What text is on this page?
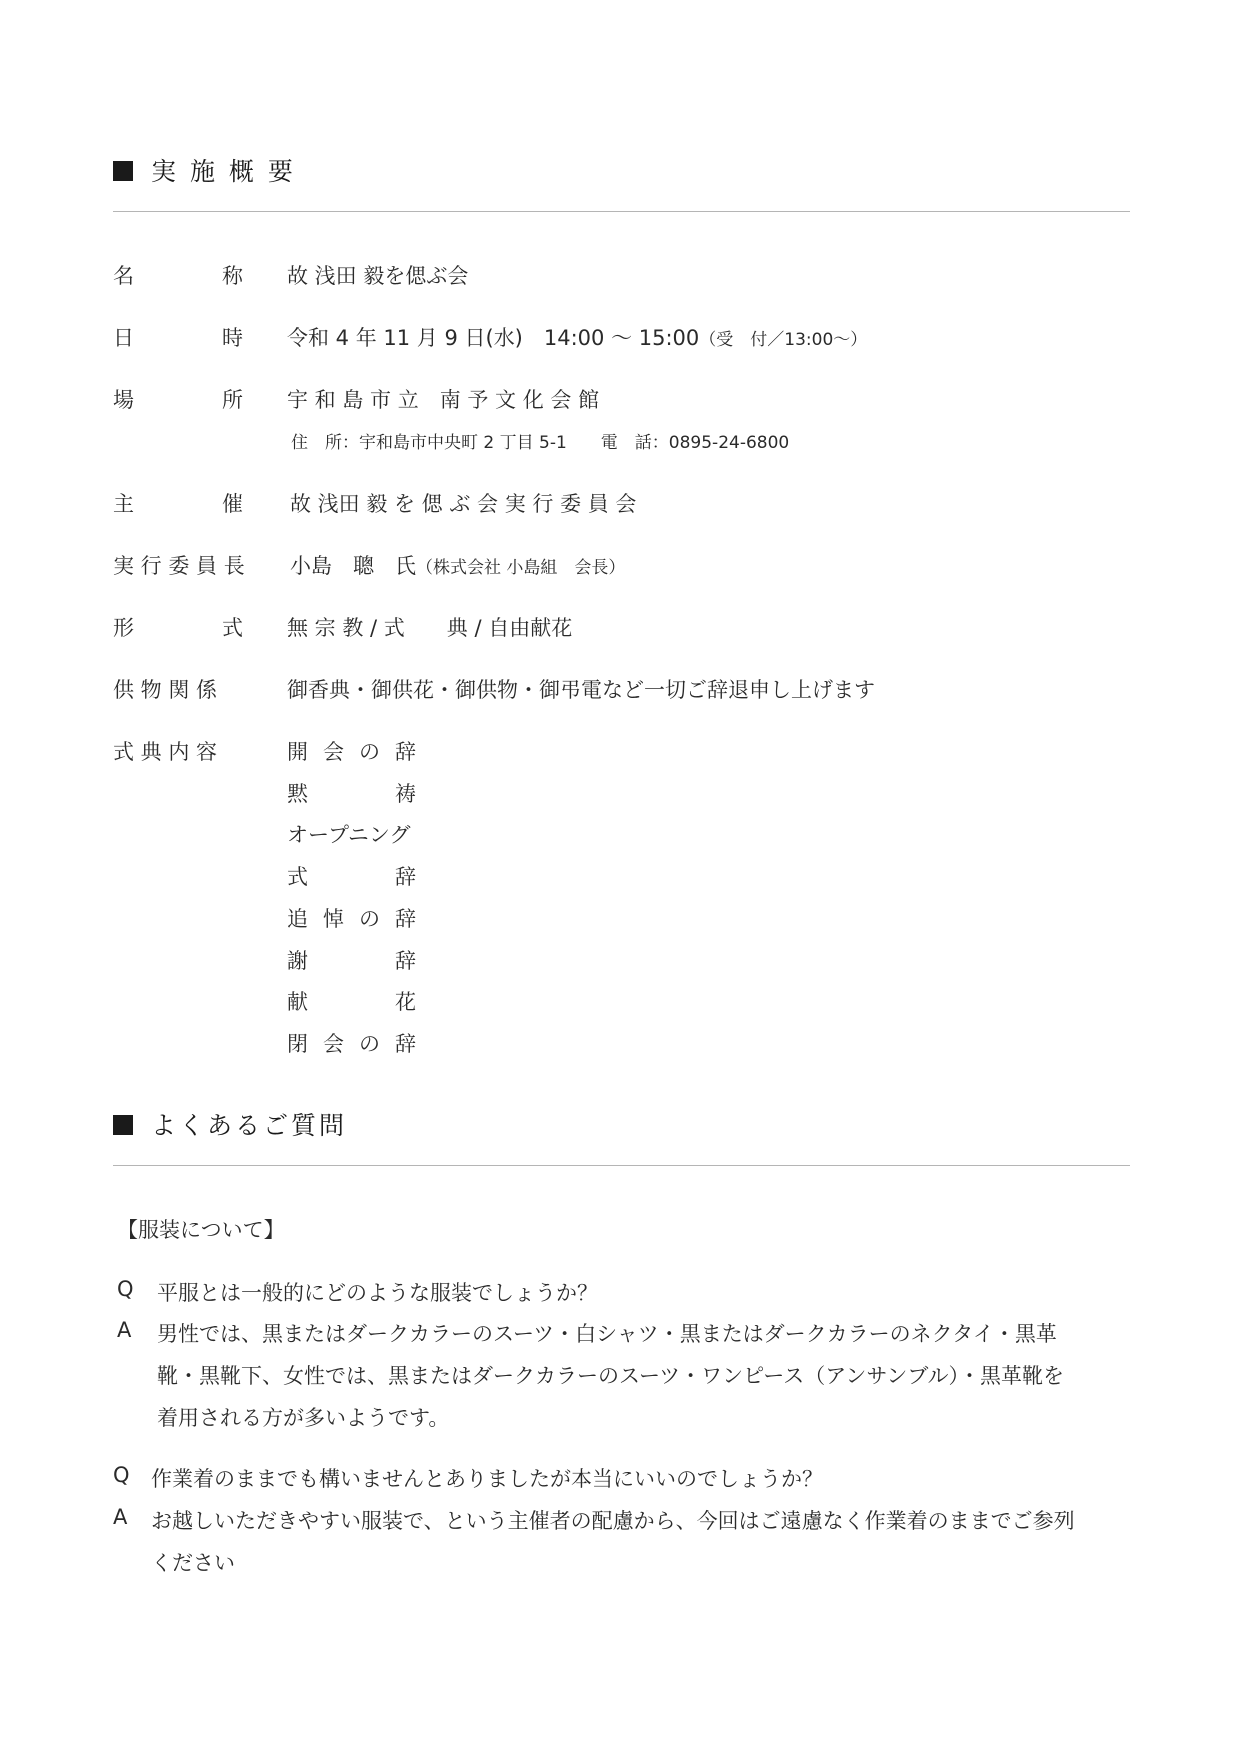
実 施 概 要
名	称 故 浅田 毅を偲ぶ会
日	時 令和 4 年 11 月 9 日(水)　14:00 〜 15:00（受　付／13:00〜）
場	所 宇 和 島 市 立　南 予 文 化 会 館
住　所：宇和島市中央町 2 丁目 5-1　　電　話：0895-24-6800
主	催 故 浅田 毅 を 偲 ぶ 会 実 行 委 員 会
実 行 委 員 長 小島　聰　氏（株式会社 小島組　会長）
形	式 無 宗 教 / 式　　典 / 自由献花
供 物 関 係	御香典・御供花・御供物・御弔電など一切ご辞退申し上げます
式 典 内 容	開 会 の 辞
黙	祷
オープニング
式	辞
追 悼 の 辞
謝	辞
献	花
閉 会 の 辞
よくあるご質問
【服装について】
Q 平服とは一般的にどのような服装でしょうか？
A 男性では、黒またはダークカラーのスーツ・白シャツ・黒またはダークカラーのネクタイ・黒革
靴・黒靴下、女性では、黒またはダークカラーのスーツ・ワンピース（アンサンブル）・黒革靴を
着用される方が多いようです。
Q 作業着のままでも構いませんとありましたが本当にいいのでしょうか？
A お越しいただきやすい服装で、という主催者の配慮から、今回はご遠慮なく作業着のままでご参列
ください
